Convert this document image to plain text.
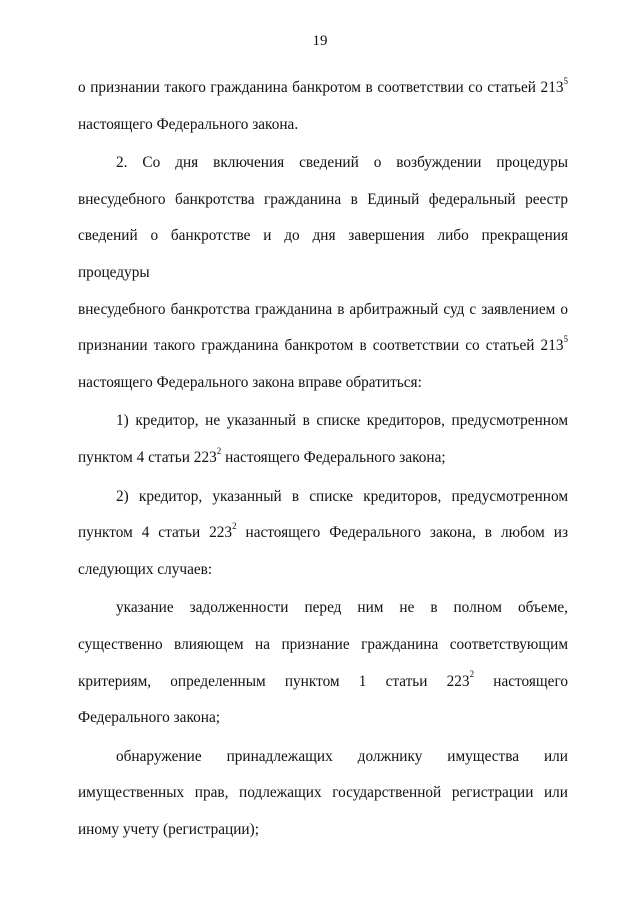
19

о признании такого гражданина банкротом в соответствии со статьей $213^5$
настоящего Федерального закона.

2. Со дня включения сведений о возбуждении процедуры
внесудебного банкротства гражданина в Единый федеральный реестр
сведений о банкротстве и до дня завершения либо прекращения процедуры
внесудебного банкротства гражданина в арбитражный суд с заявлением о
признании такого гражданина банкротом в соответствии со статьей $213^5$
настоящего Федерального закона вправе обратиться:

1) кредитор, не указанный в списке кредиторов, предусмотренном
пунктом 4 статьи $223^2$ настоящего Федерального закона;

2) кредитор, указанный в списке кредиторов, предусмотренном
пунктом 4 статьи $223^2$ настоящего Федерального закона, в любом из
следующих случаев:

указание задолженности перед ним не в полном объеме,
существенно влияющем на признание гражданина соответствующим
критериям, определенным пунктом 1 статьи $223^2$ настоящего
Федерального закона;

обнаружение принадлежащих должнику имущества или
имущественных прав, подлежащих государственной регистрации или
иному учету (регистрации);
